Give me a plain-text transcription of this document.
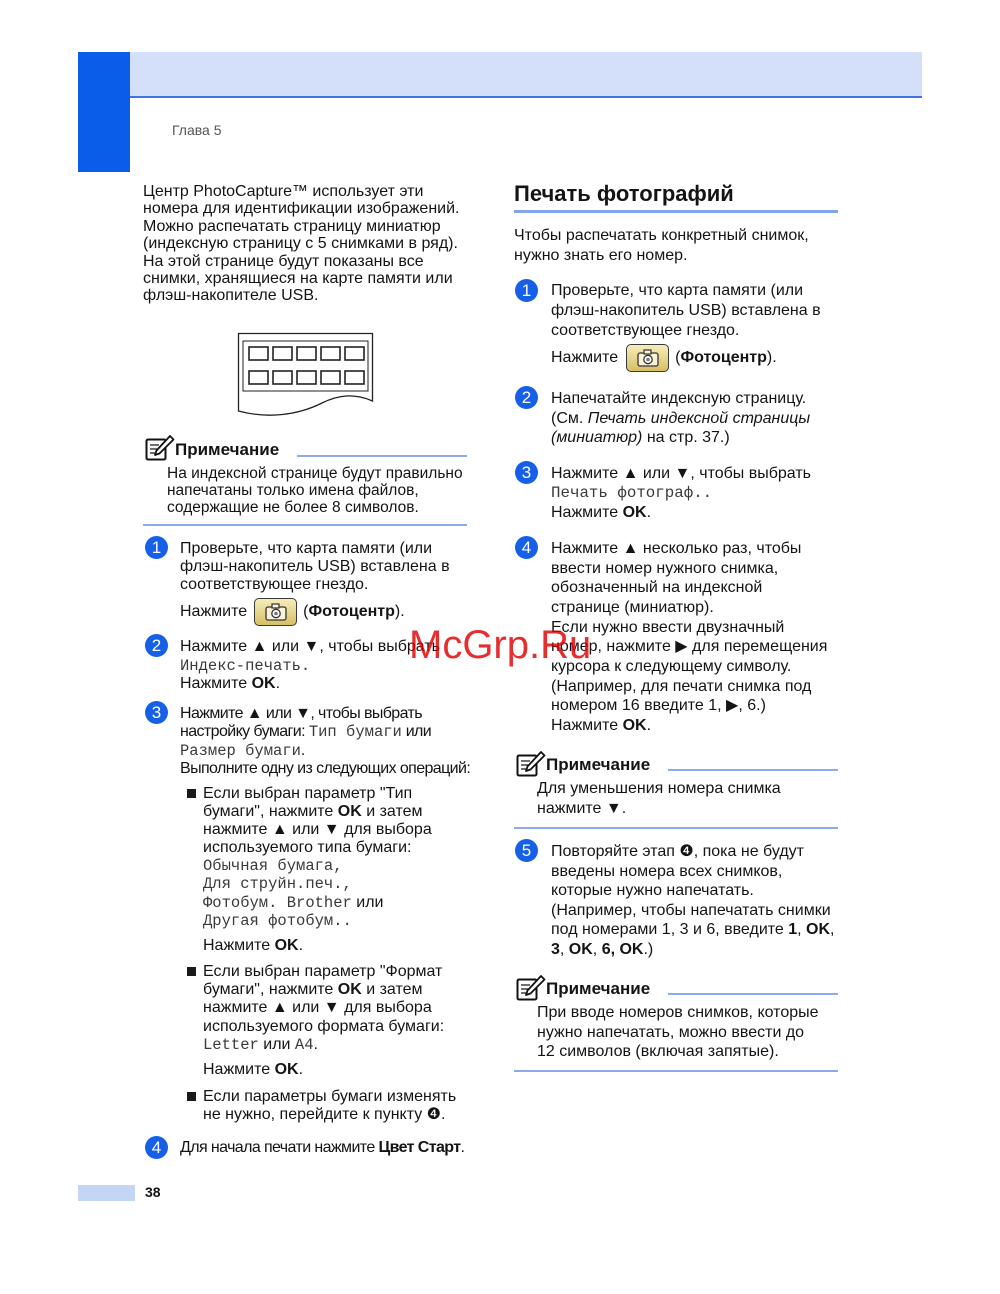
Глава 5
Центр PhotoCapture™ использует эти
номера для идентификации изображений.
Можно распечатать страницу миниатюр
(индексную страницу с 5 снимками в ряд).
На этой странице будут показаны все
снимки, хранящиеся на карте памяти или
флэш-накопителе USB.
Примечание
На индексной странице будут правильно
напечатаны только имена файлов,
содержащие не более 8 символов.
1	Проверьте, что карта памяти (или
флэш-накопитель USB) вставлена в
соответствующее гнездо.
Нажмите	(Фотоцентр).
2	Нажмите ▲ или ▼, чтобы выбрать
Индекс-печать.
Нажмите OK.
3	Нажмите ▲ или ▼, чтобы выбрать
настройку бумаги: Тип бумаги или
Размер бумаги.
Выполните одну из следующих операций:
Если выбран параметр "Тип
бумаги", нажмите OK и затем
нажмите ▲ или ▼ для выбора
используемого типа бумаги:
Обычная бумага,
Для струйн.печ.,
Фотобум. Brother или
Другая фотобум..
Нажмите OK.
Если выбран параметр "Формат
бумаги", нажмите OK и затем
нажмите ▲ или ▼ для выбора
используемого формата бумаги:
Letter или A4.
Нажмите OK.
Если параметры бумаги изменять
не нужно, перейдите к пункту ❹.
4	Для начала печати нажмите Цвет Старт.
Печать фотографий
Чтобы распечатать конкретный снимок,
нужно знать его номер.
1	Проверьте, что карта памяти (или
флэш-накопитель USB) вставлена в
соответствующее гнездо.
Нажмите	(Фотоцентр).
2	Напечатайте индексную страницу.
(См. Печать индексной страницы
(миниатюр) на стр. 37.)
3	Нажмите ▲ или ▼, чтобы выбрать
Печать фотограф..
Нажмите OK.
4	Нажмите ▲ несколько раз, чтобы
ввести номер нужного снимка,
обозначенный на индексной
странице (миниатюр).
Если нужно ввести двузначный
номер, нажмите ▶ для перемещения
курсора к следующему символу.
(Например, для печати снимка под
номером 16 введите 1, ▶, 6.)
Нажмите OK.
Примечание
Для уменьшения номера снимка
нажмите ▼.
5	Повторяйте этап ❹, пока не будут
введены номера всех снимков,
которые нужно напечатать.
(Например, чтобы напечатать снимки
под номерами 1, 3 и 6, введите 1, OK,
3, OK, 6, OK.)
Примечание
При вводе номеров снимков, которые
нужно напечатать, можно ввести до
12 символов (включая запятые).
McGrp.Ru
38
